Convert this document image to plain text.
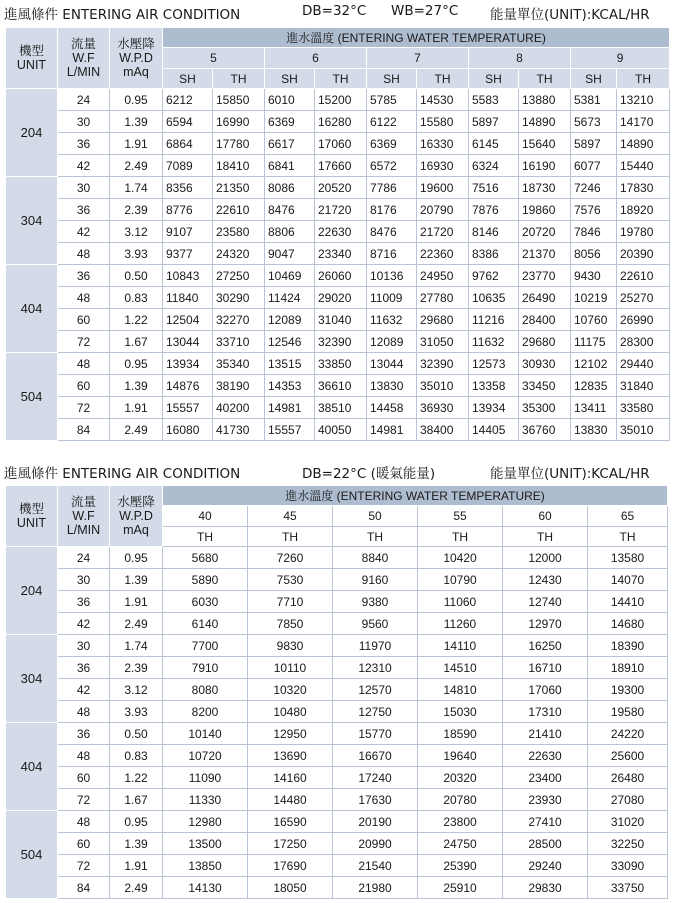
進風條件 ENTERING AIR CONDITION	DB=32°C WB=27°C 能量單位(UNIT):KCAL/HR
機型
UNIT	流量
W.F
L/MIN	水壓降
W.P.D
mAq	進水溫度 (ENTERING WATER TEMPERATURE)									
			5		6		7		8		9	
			SH	TH	SH	TH	SH	TH	SH	TH	SH	TH
204	24	0.95	6212	15850	6010	15200	5785	14530	5583	13880	5381	13210
	30	1.39	6594	16990	6369	16280	6122	15580	5897	14890	5673	14170
	36	1.91	6864	17780	6617	17060	6369	16330	6145	15640	5897	14890
	42	2.49	7089	18410	6841	17660	6572	16930	6324	16190	6077	15440
304	30	1.74	8356	21350	8086	20520	7786	19600	7516	18730	7246	17830
	36	2.39	8776	22610	8476	21720	8176	20790	7876	19860	7576	18920
	42	3.12	9107	23580	8806	22630	8476	21720	8146	20720	7846	19780
	48	3.93	9377	24320	9047	23340	8716	22360	8386	21370	8056	20390
404	36	0.50	10843	27250	10469	26060	10136	24950	9762	23770	9430	22610
	48	0.83	11840	30290	11424	29020	11009	27780	10635	26490	10219	25270
	60	1.22	12504	32270	12089	31040	11632	29680	11216	28400	10760	26990
	72	1.67	13044	33710	12546	32390	12089	31050	11632	29680	11175	28300
504	48	0.95	13934	35340	13515	33850	13044	32390	12573	30930	12102	29440
	60	1.39	14876	38190	14353	36610	13830	35010	13358	33450	12835	31840
	72	1.91	15557	40200	14981	38510	14458	36930	13934	35300	13411	33580
	84	2.49	16080	41730	15557	40050	14981	38400	14405	36760	13830	35010
進風條件 ENTERING AIR CONDITION	DB=22°C (暖氣能量)	能量單位(UNIT):KCAL/HR
機型
UNIT	流量
W.F
L/MIN	水壓降
W.P.D
mAq	進水溫度 (ENTERING WATER TEMPERATURE)					
			40	45	50	55	60	65
			TH	TH	TH	TH	TH	TH
204	24	0.95	5680	7260	8840	10420	12000	13580
	30	1.39	5890	7530	9160	10790	12430	14070
	36	1.91	6030	7710	9380	11060	12740	14410
	42	2.49	6140	7850	9560	11260	12970	14680
304	30	1.74	7700	9830	11970	14110	16250	18390
	36	2.39	7910	10110	12310	14510	16710	18910
	42	3.12	8080	10320	12570	14810	17060	19300
	48	3.93	8200	10480	12750	15030	17310	19580
404	36	0.50	10140	12950	15770	18590	21410	24220
	48	0.83	10720	13690	16670	19640	22630	25600
	60	1.22	11090	14160	17240	20320	23400	26480
	72	1.67	11330	14480	17630	20780	23930	27080
504	48	0.95	12980	16590	20190	23800	27410	31020
	60	1.39	13500	17250	20990	24750	28500	32250
	72	1.91	13850	17690	21540	25390	29240	33090
	84	2.49	14130	18050	21980	25910	29830	33750
